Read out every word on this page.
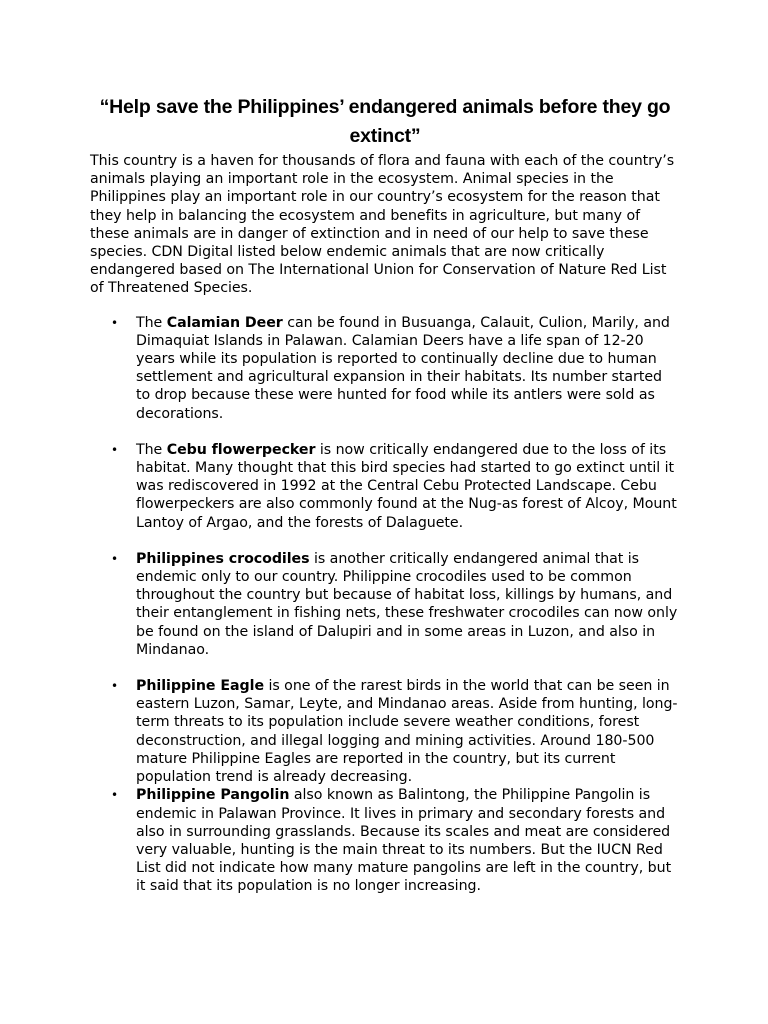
“Help save the Philippines’ endangered animals before they go extinct”

This country is a haven for thousands of flora and fauna with each of the country’s animals playing an important role in the ecosystem. Animal species in the Philippines play an important role in our country’s ecosystem for the reason that they help in balancing the ecosystem and benefits in agriculture, but many of these animals are in danger of extinction and in need of our help to save these species. CDN Digital listed below endemic animals that are now critically endangered based on The International Union for Conservation of Nature Red List of Threatened Species.

• The Calamian Deer can be found in Busuanga, Calauit, Culion, Marily, and Dimaquiat Islands in Palawan. Calamian Deers have a life span of 12-20 years while its population is reported to continually decline due to human settlement and agricultural expansion in their habitats. Its number started to drop because these were hunted for food while its antlers were sold as decorations.
• The Cebu flowerpecker is now critically endangered due to the loss of its habitat. Many thought that this bird species had started to go extinct until it was rediscovered in 1992 at the Central Cebu Protected Landscape. Cebu flowerpeckers are also commonly found at the Nug-as forest of Alcoy, Mount Lantoy of Argao, and the forests of Dalaguete.
• Philippines crocodiles is another critically endangered animal that is endemic only to our country. Philippine crocodiles used to be common throughout the country but because of habitat loss, killings by humans, and their entanglement in fishing nets, these freshwater crocodiles can now only be found on the island of Dalupiri and in some areas in Luzon, and also in Mindanao.
• Philippine Eagle is one of the rarest birds in the world that can be seen in eastern Luzon, Samar, Leyte, and Mindanao areas. Aside from hunting, long-term threats to its population include severe weather conditions, forest deconstruction, and illegal logging and mining activities. Around 180-500 mature Philippine Eagles are reported in the country, but its current population trend is already decreasing.
• Philippine Pangolin also known as Balintong, the Philippine Pangolin is endemic in Palawan Province. It lives in primary and secondary forests and also in surrounding grasslands. Because its scales and meat are considered very valuable, hunting is the main threat to its numbers. But the IUCN Red List did not indicate how many mature pangolins are left in the country, but it said that its population is no longer increasing.
